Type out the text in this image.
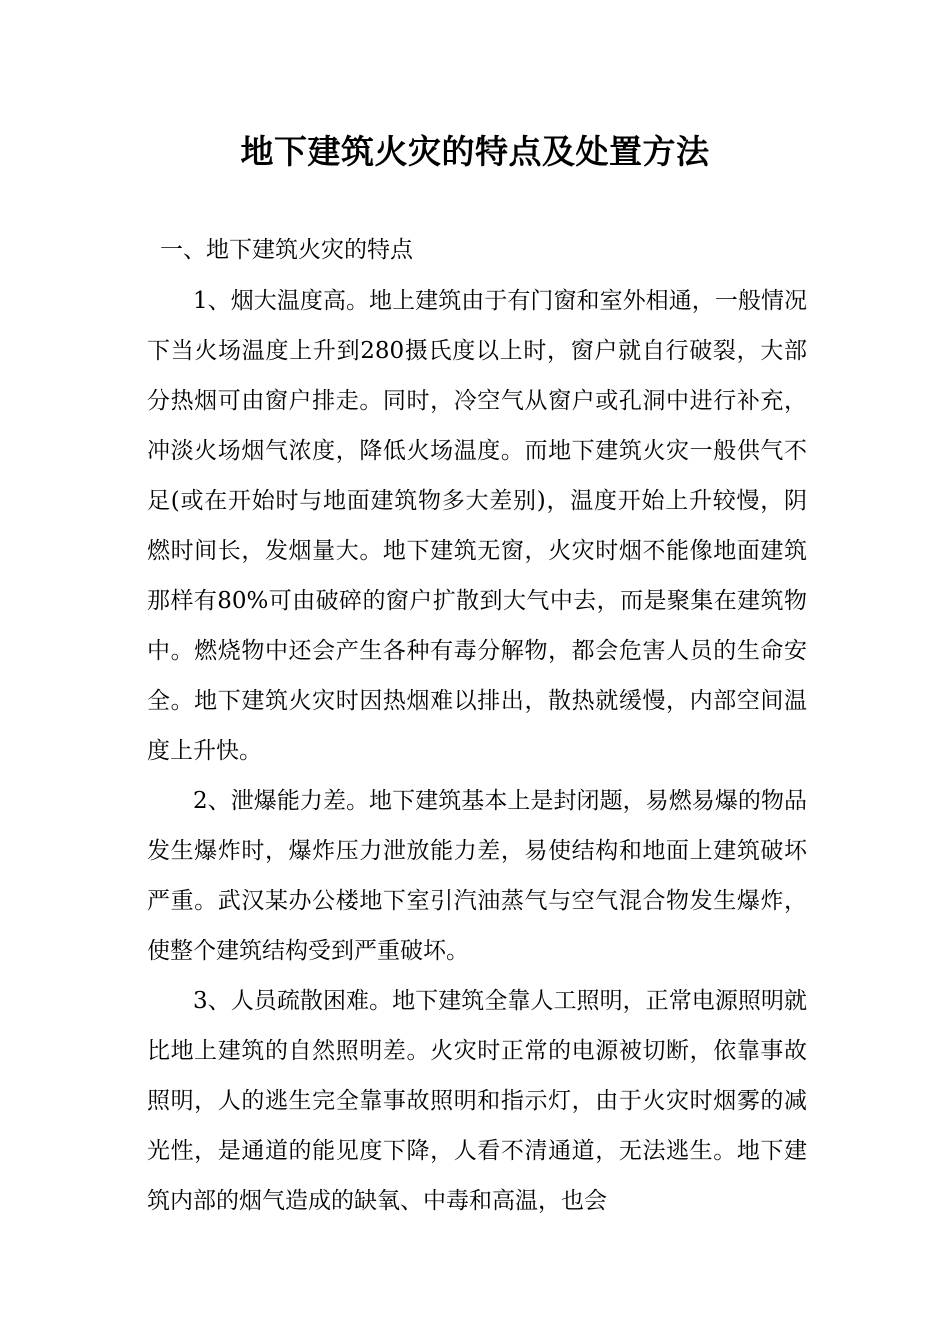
地下建筑火灾的特点及处置方法

一、地下建筑火灾的特点

1、烟大温度高。地上建筑由于有门窗和室外相通，一般情况下当火场温度上升到280摄氏度以上时，窗户就自行破裂，大部分热烟可由窗户排走。同时，冷空气从窗户或孔洞中进行补充，冲淡火场烟气浓度，降低火场温度。而地下建筑火灾一般供气不足(或在开始时与地面建筑物多大差别)，温度开始上升较慢，阴燃时间长，发烟量大。地下建筑无窗，火灾时烟不能像地面建筑那样有80%可由破碎的窗户扩散到大气中去，而是聚集在建筑物中。燃烧物中还会产生各种有毒分解物，都会危害人员的生命安全。地下建筑火灾时因热烟难以排出，散热就缓慢，内部空间温度上升快。

2、泄爆能力差。地下建筑基本上是封闭题，易燃易爆的物品发生爆炸时，爆炸压力泄放能力差，易使结构和地面上建筑破坏严重。武汉某办公楼地下室引汽油蒸气与空气混合物发生爆炸，使整个建筑结构受到严重破坏。

3、人员疏散困难。地下建筑全靠人工照明，正常电源照明就比地上建筑的自然照明差。火灾时正常的电源被切断，依靠事故照明，人的逃生完全靠事故照明和指示灯，由于火灾时烟雾的减光性，是通道的能见度下降，人看不清通道，无法逃生。地下建筑内部的烟气造成的缺氧、中毒和高温，也会
